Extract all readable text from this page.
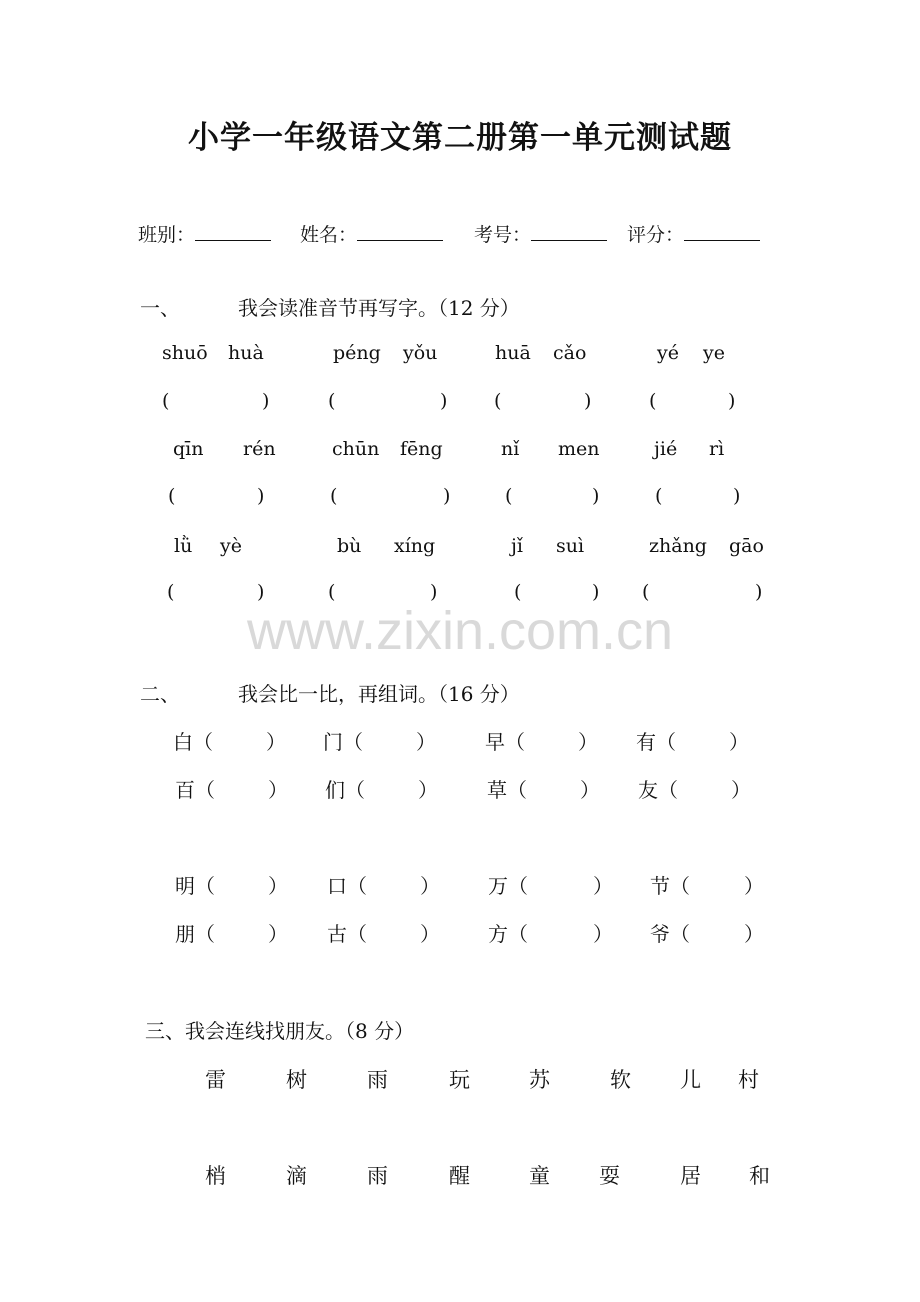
小学一年级语文第二册第一单元测试题
班别：	姓名：	考号：	评分：
一、	我会读准音节再写字。（12 分）
shuō huà	péng yǒu	huā cǎo	yé ye
(	)	(	) (	)	(	)
qīn rén	chūn fēng	nǐ men	jié rì
(	)	(	)	(	)	(	)
lǜ yè	bù xíng	jǐ suì	zhǎng gāo
(	)	(	)	(	) (	)
www.zixin.com.cn
二、	我会比一比，再组词。（16 分）
白（	） 门（	） 早（	） 有（	）
百（	） 们（	） 草（	） 友（	）
明（	） 口（	） 万（	） 节（	）
朋（	） 古（	） 方（	） 爷（	）
三、我会连线找朋友。（8 分）
雷	树	雨	玩	苏	软 儿 村
梢	滴	雨	醒	童 耍	居 和
